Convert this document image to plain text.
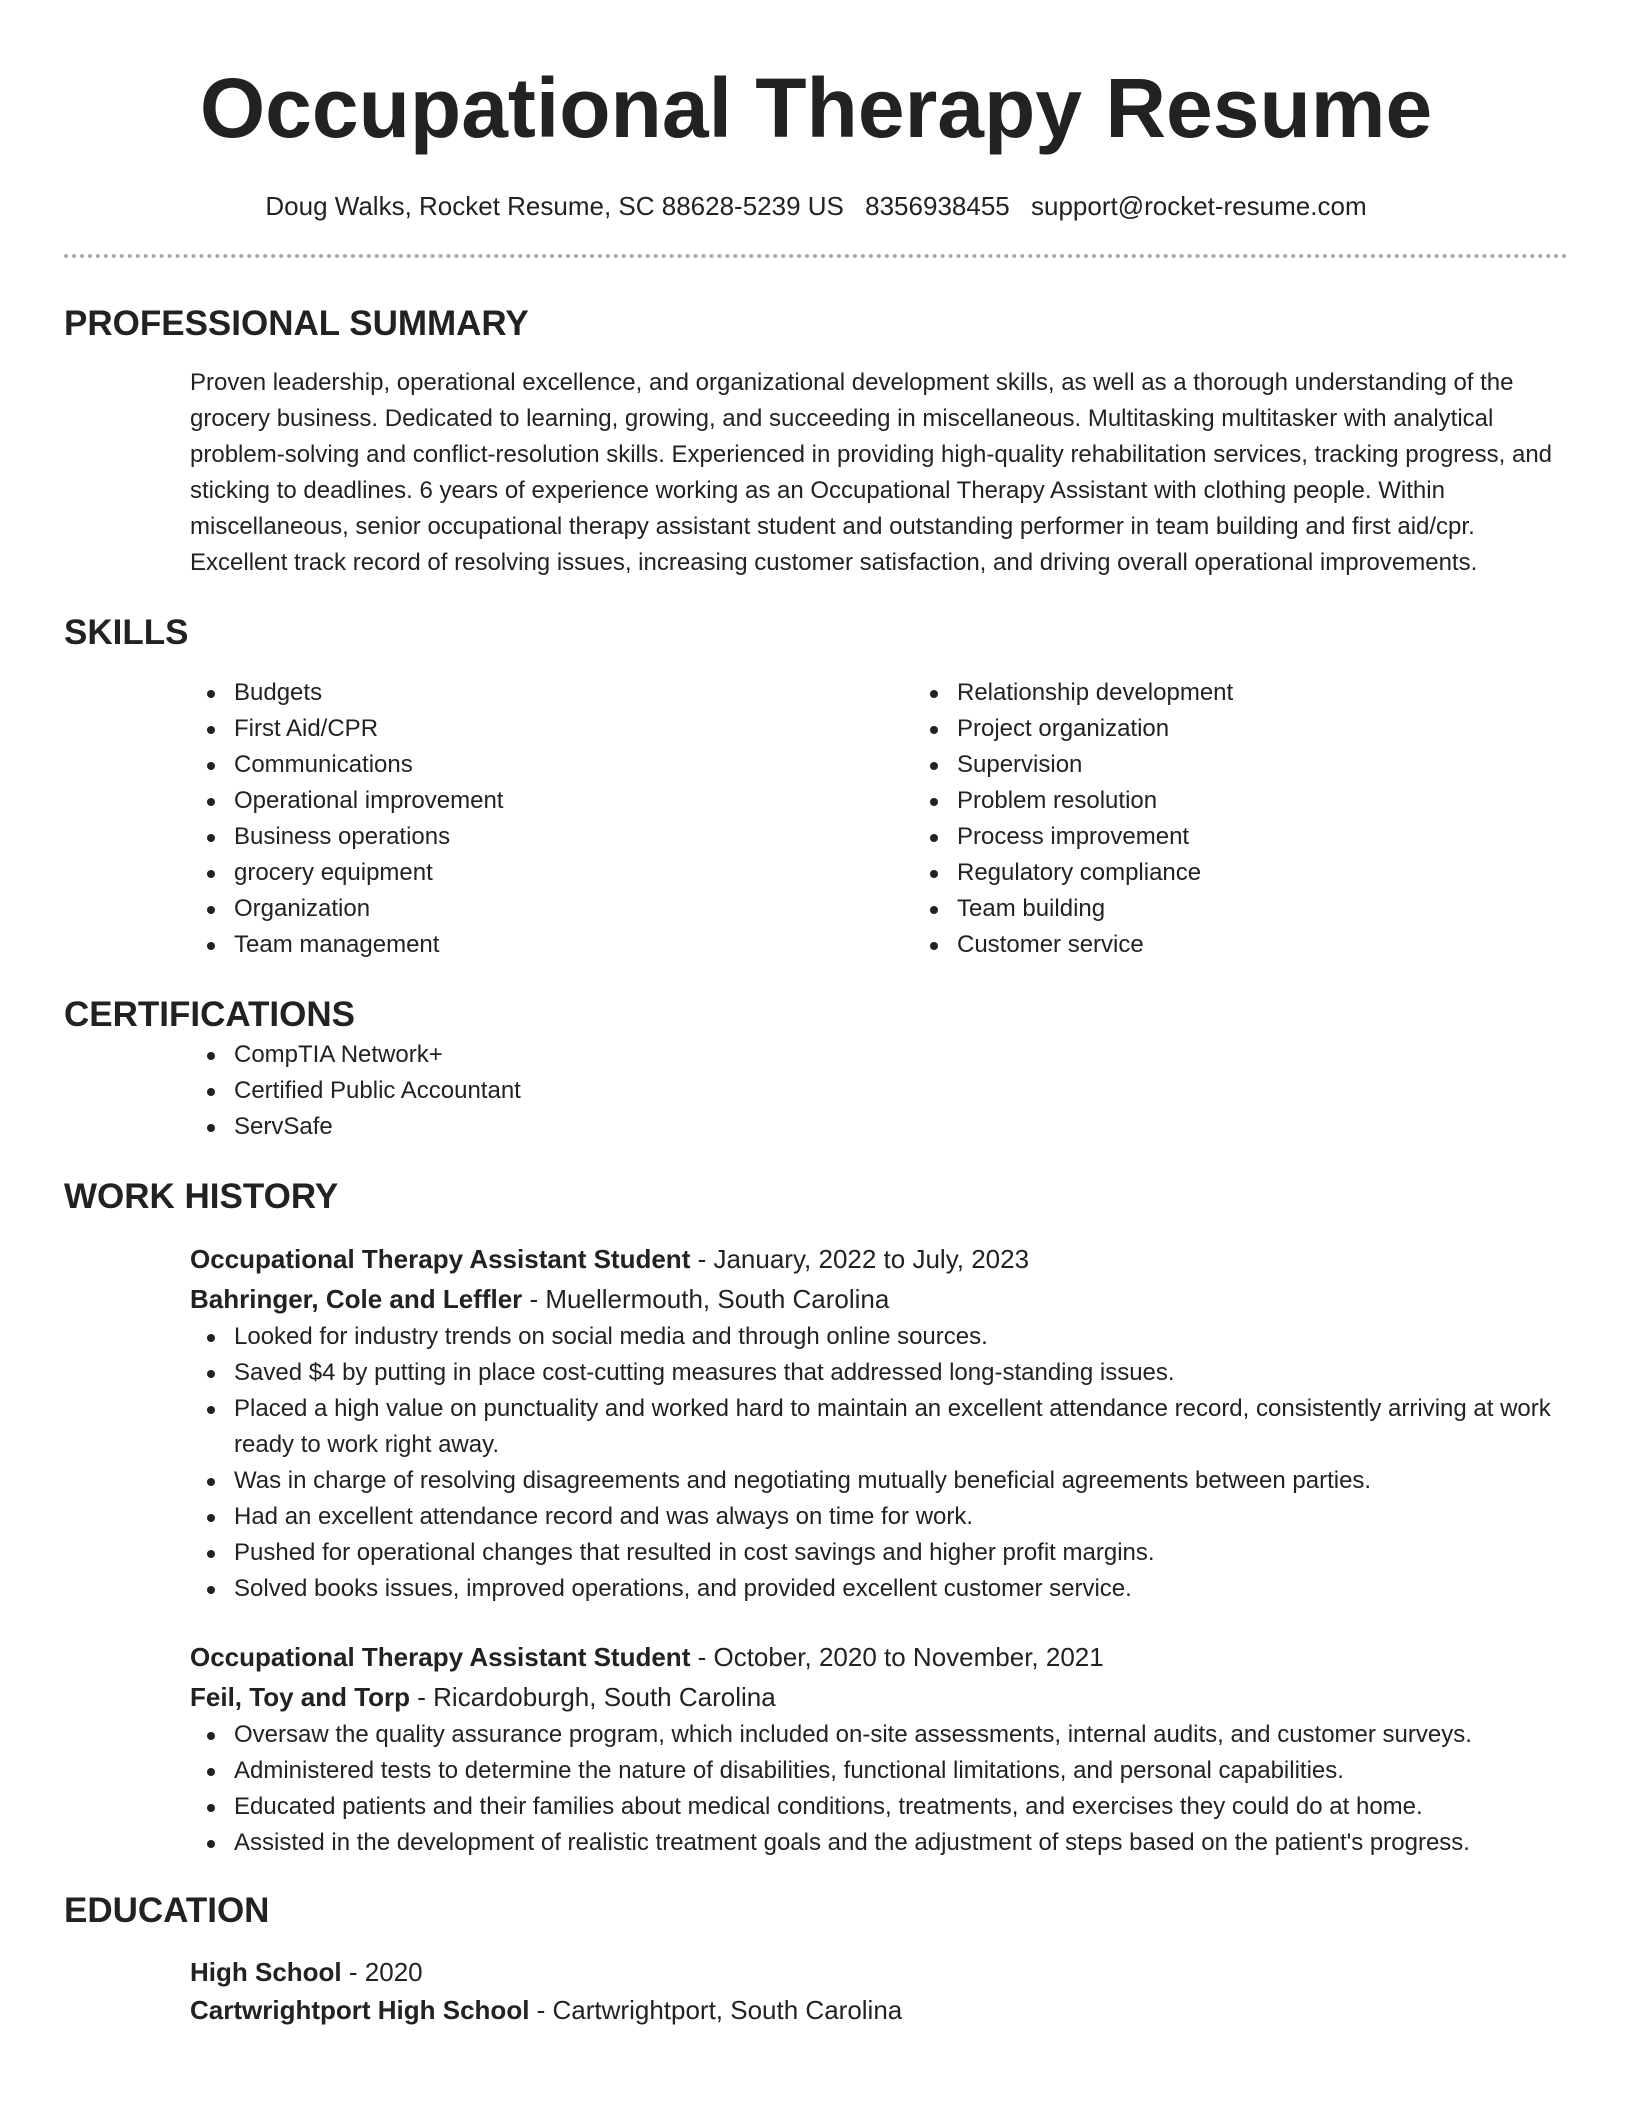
Occupational Therapy Resume
Doug Walks, Rocket Resume, SC 88628-5239 US 8356938455 support@rocket-resume.com
PROFESSIONAL SUMMARY

Proven leadership, operational excellence, and organizational development skills, as well as a thorough understanding of the grocery business. Dedicated to learning, growing, and succeeding in miscellaneous. Multitasking multitasker with analytical problem-solving and conflict-resolution skills. Experienced in providing high-quality rehabilitation services, tracking progress, and sticking to deadlines. 6 years of experience working as an Occupational Therapy Assistant with clothing people. Within miscellaneous, senior occupational therapy assistant student and outstanding performer in team building and first aid/cpr. Excellent track record of resolving issues, increasing customer satisfaction, and driving overall operational improvements.

SKILLS
Budgets
First Aid/CPR
Communications
Operational improvement
Business operations
grocery equipment
Organization
Team management
Relationship development
Project organization
Supervision
Problem resolution
Process improvement
Regulatory compliance
Team building
Customer service
CERTIFICATIONS
CompTIA Network+
Certified Public Accountant
ServSafe
WORK HISTORY
Occupational Therapy Assistant Student - January, 2022 to July, 2023
Bahringer, Cole and Leffler - Muellermouth, South Carolina
Looked for industry trends on social media and through online sources.
Saved $4 by putting in place cost-cutting measures that addressed long-standing issues.
Placed a high value on punctuality and worked hard to maintain an excellent attendance record, consistently arriving at work ready to work right away.
Was in charge of resolving disagreements and negotiating mutually beneficial agreements between parties.
Had an excellent attendance record and was always on time for work.
Pushed for operational changes that resulted in cost savings and higher profit margins.
Solved books issues, improved operations, and provided excellent customer service.
Occupational Therapy Assistant Student - October, 2020 to November, 2021
Feil, Toy and Torp - Ricardoburgh, South Carolina
Oversaw the quality assurance program, which included on-site assessments, internal audits, and customer surveys.
Administered tests to determine the nature of disabilities, functional limitations, and personal capabilities.
Educated patients and their families about medical conditions, treatments, and exercises they could do at home.
Assisted in the development of realistic treatment goals and the adjustment of steps based on the patient's progress.
EDUCATION
High School - 2020
Cartwrightport High School - Cartwrightport, South Carolina
